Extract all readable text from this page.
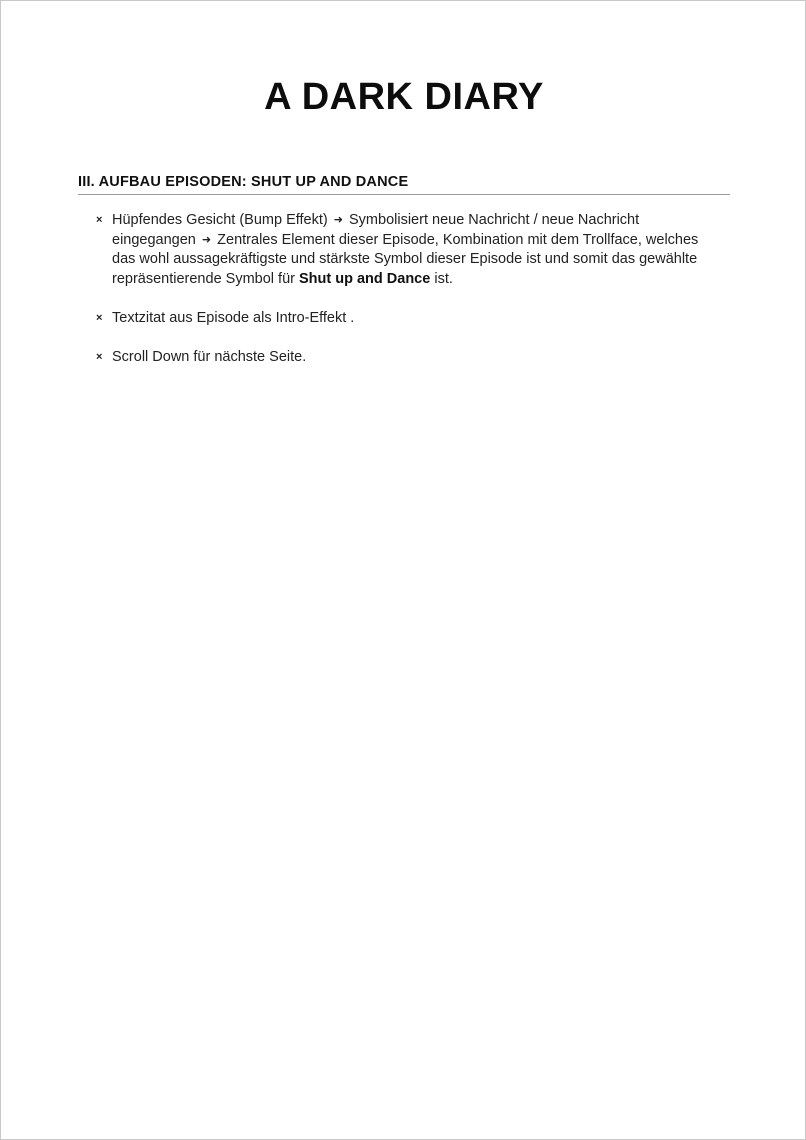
A DARK DIARY
III. AUFBAU EPISODEN: SHUT UP AND DANCE
× Hüpfendes Gesicht (Bump Effekt) ➜ Symbolisiert neue Nachricht / neue Nachricht eingegangen ➜ Zentrales Element dieser Episode, Kombination mit dem Trollface, welches das wohl aussagekräftigste und stärkste Symbol dieser Episode ist und somit das gewählte repräsentierende Symbol für Shut up and Dance ist.
× Textzitat aus Episode als Intro-Effekt .
× Scroll Down für nächste Seite.
